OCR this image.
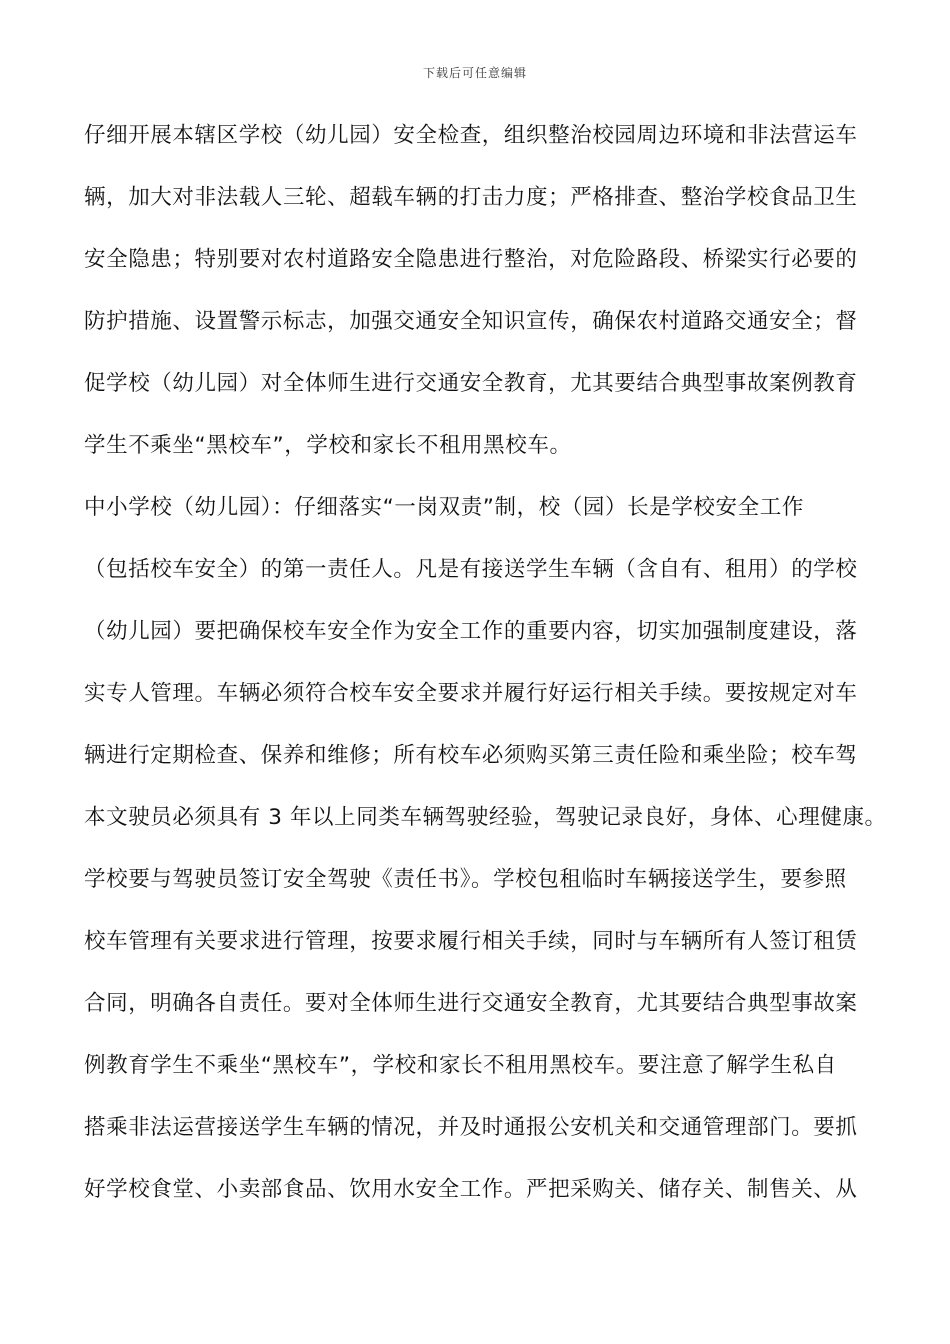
下载后可任意编辑
仔细开展本辖区学校（幼儿园）安全检查，组织整治校园周边环境和非法营运车
辆，加大对非法载人三轮、超载车辆的打击力度；严格排查、整治学校食品卫生
安全隐患；特别要对农村道路安全隐患进行整治，对危险路段、桥梁实行必要的
防护措施、设置警示标志，加强交通安全知识宣传，确保农村道路交通安全；督
促学校（幼儿园）对全体师生进行交通安全教育，尤其要结合典型事故案例教育
学生不乘坐“黑校车”，学校和家长不租用黑校车。
中小学校（幼儿园）：仔细落实“一岗双责”制，校（园）长是学校安全工作
（包括校车安全）的第一责任人。凡是有接送学生车辆（含自有、租用）的学校
（幼儿园）要把确保校车安全作为安全工作的重要内容，切实加强制度建设，落
实专人管理。车辆必须符合校车安全要求并履行好运行相关手续。要按规定对车
辆进行定期检查、保养和维修；所有校车必须购买第三责任险和乘坐险；校车驾
本文驶员必须具有 3 年以上同类车辆驾驶经验，驾驶记录良好，身体、心理健康。
学校要与驾驶员签订安全驾驶《责任书》。学校包租临时车辆接送学生，要参照
校车管理有关要求进行管理，按要求履行相关手续，同时与车辆所有人签订租赁
合同，明确各自责任。要对全体师生进行交通安全教育，尤其要结合典型事故案
例教育学生不乘坐“黑校车”，学校和家长不租用黑校车。要注意了解学生私自
搭乘非法运营接送学生车辆的情况，并及时通报公安机关和交通管理部门。要抓
好学校食堂、小卖部食品、饮用水安全工作。严把采购关、储存关、制售关、从
